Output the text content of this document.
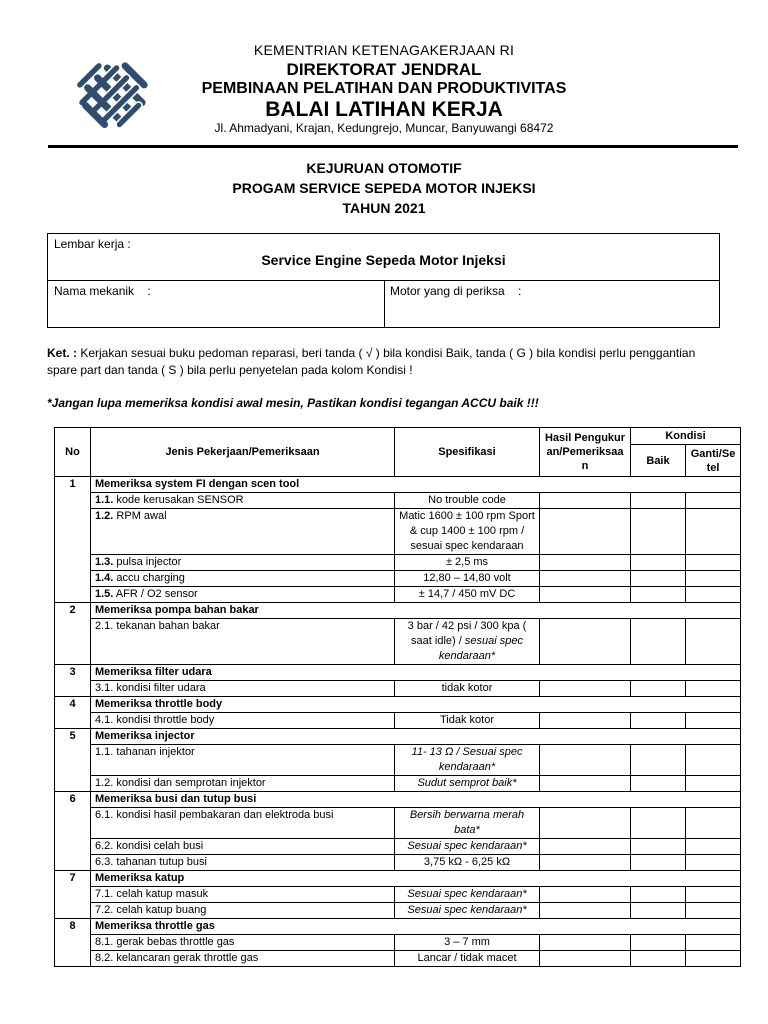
KEMENTRIAN KETENAGAKERJAAN RI
DIREKTORAT JENDRAL
PEMBINAAN PELATIHAN DAN PRODUKTIVITAS
BALAI LATIHAN KERJA
Jl. Ahmadyani, Krajan, Kedungrejo, Muncar, Banyuwangi 68472
KEJURUAN OTOMOTIF
PROGAM SERVICE SEPEDA MOTOR INJEKSI
TAHUN 2021
Lembar kerja :
Service Engine Sepeda Motor Injeksi
Nama mekanik    :	Motor yang di periksa    :
Ket. : Kerjakan sesuai buku pedoman reparasi, beri tanda ( √ ) bila kondisi Baik, tanda ( G ) bila kondisi perlu penggantian spare part dan tanda ( S ) bila perlu penyetelan pada kolom Kondisi !
*Jangan lupa memeriksa kondisi awal mesin, Pastikan kondisi tegangan ACCU baik !!!
No	Jenis Pekerjaan/Pemeriksaan	Spesifikasi	Hasil Pengukuran/Pemeriksaan	Kondisi	
				Baik	Ganti/Setel
1	Memeriksa system FI dengan scen tool				
	1.1. kode kerusakan SENSOR	No trouble code			
	1.2. RPM awal	Matic 1600 ± 100 rpm Sport & cup 1400 ± 100 rpm / sesuai spec kendaraan			
	1.3. pulsa injector	± 2,5 ms			
	1.4. accu charging	12,80 – 14,80 volt			
	1.5. AFR / O2 sensor	± 14,7 / 450 mV DC			
2	Memeriksa pompa bahan bakar				
	2.1. tekanan bahan bakar	3 bar / 42 psi / 300 kpa ( saat idle) / sesuai spec kendaraan*			
3	Memeriksa filter udara				
	3.1. kondisi filter udara	tidak kotor			
4	Memeriksa throttle body				
	4.1. kondisi throttle body	Tidak kotor			
5	Memeriksa injector				
	1.1. tahanan injektor	11- 13 Ω / Sesuai spec kendaraan*			
	1.2. kondisi dan semprotan injektor	Sudut semprot baik*			
6	Memeriksa busi dan tutup busi				
	6.1. kondisi hasil pembakaran dan elektroda busi	Bersih berwarna merah bata*			
	6.2. kondisi celah busi	Sesuai spec kendaraan*			
	6.3. tahanan tutup busi	3,75 kΩ - 6,25 kΩ			
7	Memeriksa katup				
	7.1. celah katup masuk	Sesuai spec kendaraan*			
	7.2. celah katup buang	Sesuai spec kendaraan*			
8	Memeriksa throttle gas				
	8.1. gerak bebas throttle gas	3 – 7 mm			
	8.2. kelancaran gerak throttle gas	Lancar / tidak macet			
